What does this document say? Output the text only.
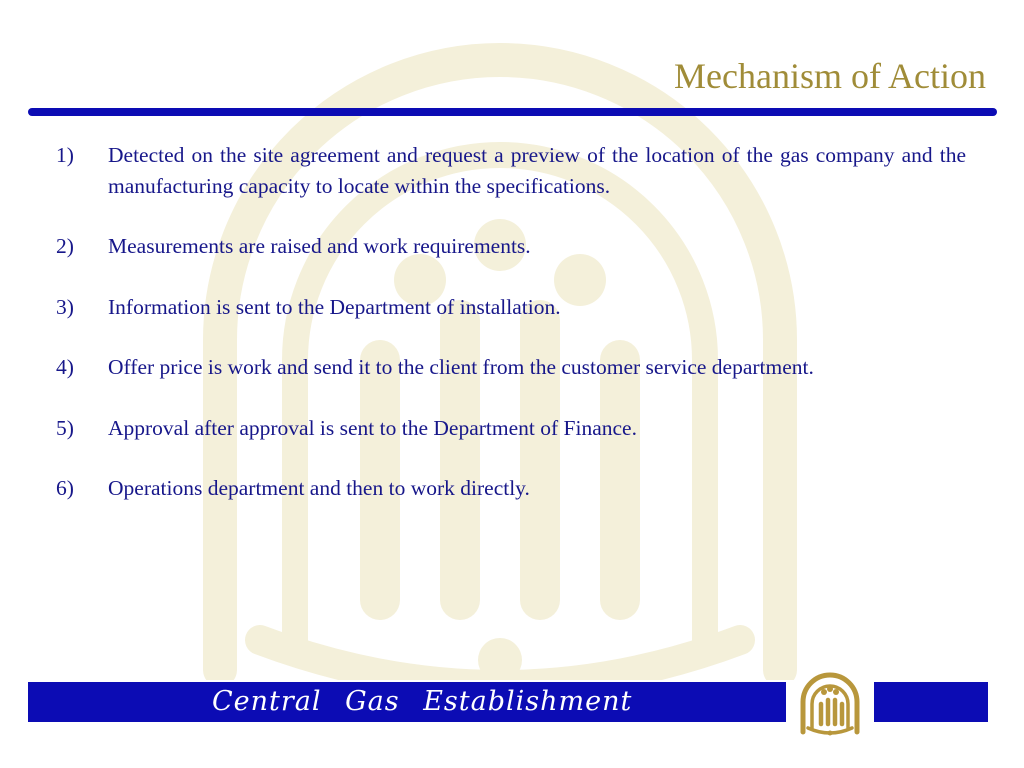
Mechanism of Action
1)	Detected on the site agreement and request a preview of the location of the gas company and the manufacturing capacity to locate within the specifications.
2)	Measurements are raised and work requirements.
3)	Information is sent to the Department of installation.
4)	Offer price is work and send it to the client from the customer service department.
5)	Approval after approval is sent to the Department of Finance.
6)	Operations department and then to work directly.
Central Gas Establishment
